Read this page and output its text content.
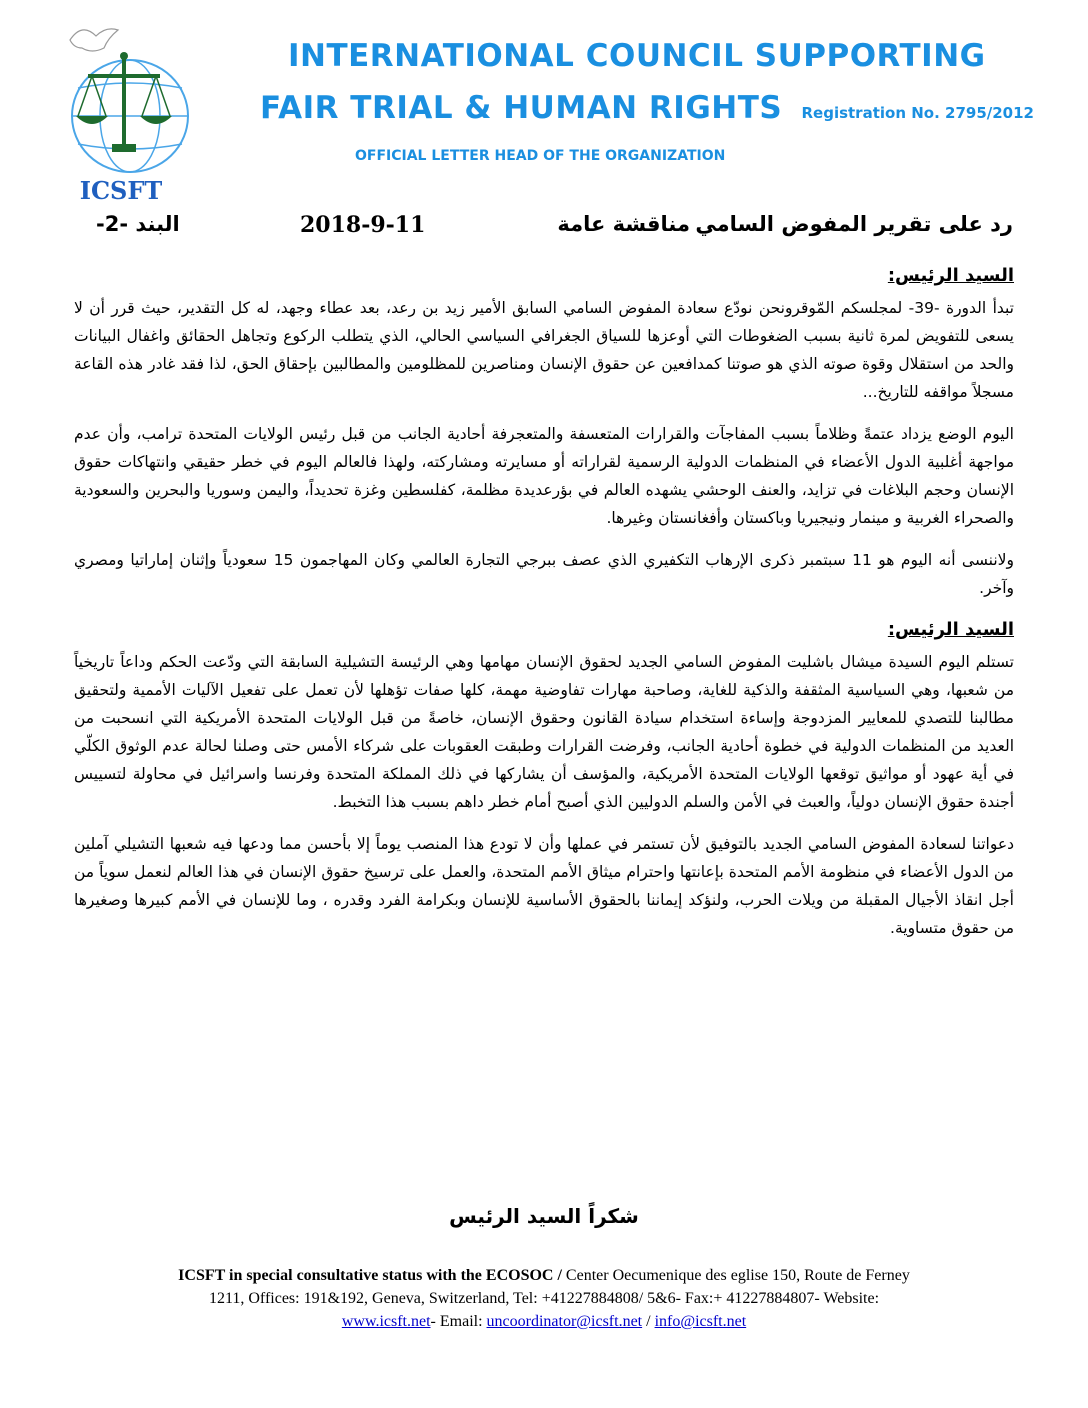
ICSFT
INTERNATIONAL COUNCIL SUPPORTING
FAIR TRIAL & HUMAN RIGHTS Registration No. 2795/2012
OFFICIAL LETTER HEAD OF THE ORGANIZATION
رد على تقرير المفوض السامي
مناقشة عامة
2018-9-11
البند -2-

السيد الرئيس:

تبدأ الدورة -39- لمجلسكم المّوقرونحن نودّع سعادة المفوض السامي السابق الأمير زيد بن رعد، بعد عطاء وجهد، له كل التقدير، حيث قرر أن لا يسعى للتفويض لمرة ثانية بسبب الضغوطات التي أوعزها للسياق الجغرافي السياسي الحالي، الذي يتطلب الركوع وتجاهل الحقائق واغفال البيانات والحد من استقلال وقوة صوته الذي هو صوتنا كمدافعين عن حقوق الإنسان ومناصرين للمظلومين والمطالبين بإحقاق الحق، لذا فقد غادر هذه القاعة مسجلاً مواقفه للتاريخ...

اليوم الوضع يزداد عتمةً وظلاماً بسبب المفاجآت والقرارات المتعسفة والمتعجرفة أحادية الجانب من قبل رئيس الولايات المتحدة ترامب، وأن عدم مواجهة أغلبية الدول الأعضاء في المنظمات الدولية الرسمية لقراراته أو مسايرته ومشاركته، ولهذا فالعالم اليوم في خطر حقيقي وانتهاكات حقوق الإنسان وحجم البلاغات في تزايد، والعنف الوحشي يشهده العالم في بؤرعديدة مظلمة، كفلسطين وغزة تحديداً، واليمن وسوريا والبحرين والسعودية والصحراء الغربية و مينمار ونيجيريا وباكستان وأفغانستان وغيرها.

ولاننسى أنه اليوم هو 11 سبتمبر ذكرى الإرهاب التكفيري الذي عصف ببرجي التجارة العالمي وكان المهاجمون 15 سعودياً وإثنان إماراتيا ومصري وآخر.

السيد الرئيس:

تستلم اليوم السيدة ميشال باشليت المفوض السامي الجديد لحقوق الإنسان مهامها وهي الرئيسة التشيلية السابقة التي ودّعت الحكم وداعاً تاريخياً من شعبها، وهي السياسية المثقفة والذكية للغاية، وصاحبة مهارات تفاوضية مهمة، كلها صفات تؤهلها لأن تعمل على تفعيل الآليات الأممية ولتحقيق مطالبنا للتصدي للمعايير المزدوجة وإساءة استخدام سيادة القانون وحقوق الإنسان، خاصةً من قبل الولايات المتحدة الأمريكية التي انسحبت من العديد من المنظمات الدولية في خطوة أحادية الجانب، وفرضت القرارات وطبقت العقوبات على شركاء الأمس حتى وصلنا لحالة عدم الوثوق الكلّي في أية عهود أو مواثيق توقعها الولايات المتحدة الأمريكية، والمؤسف أن يشاركها في ذلك المملكة المتحدة وفرنسا واسرائيل في محاولة لتسييس أجندة حقوق الإنسان دولياً، والعبث في الأمن والسلم الدوليين الذي أصبح أمام خطر داهم بسبب هذا التخبط.

دعواتنا لسعادة المفوض السامي الجديد بالتوفيق لأن تستمر في عملها وأن لا تودع هذا المنصب يوماً إلا بأحسن مما ودعها فيه شعبها التشيلي آملين من الدول الأعضاء في منظومة الأمم المتحدة بإعانتها واحترام ميثاق الأمم المتحدة، والعمل على ترسيخ حقوق الإنسان في هذا العالم لنعمل سوياً من أجل انقاذ الأجيال المقبلة من ويلات الحرب، ولنؤكد إيماننا بالحقوق الأساسية للإنسان وبكرامة الفرد وقدره ، وما للإنسان في الأمم كبيرها وصغيرها من حقوق متساوية.

شكراً السيد الرئيس
ICSFT in special consultative status with the ECOSOC / Center Oecumenique des eglise 150, Route de Ferney
1211, Offices: 191&192, Geneva, Switzerland, Tel: +41227884808/ 5&6- Fax:+ 41227884807- Website:
www.icsft.net- Email: uncoordinator@icsft.net / info@icsft.net
